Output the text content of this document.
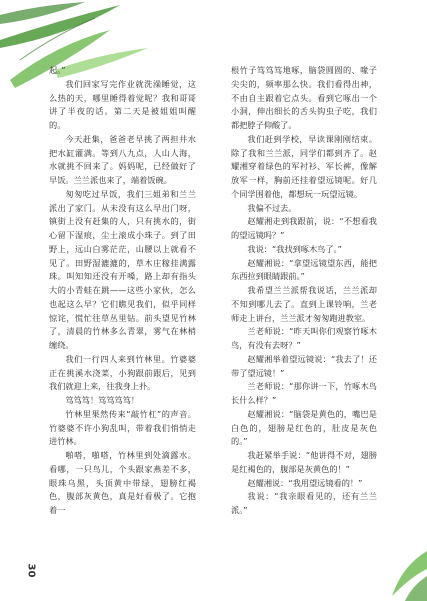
起。”

我们回家写完作业就洗澡睡觉，这么热的天，哪里睡得着觉呢？我和哥哥讲了半夜的话。第二天是被姐姐叫醒的。

今天赶集，爸爸老早挑了两担井水把水缸灌满。等到八九点，人山人海，水就挑不回来了。妈妈呢，已经做好了早饭。兰兰派也来了，端着饭碗。

匆匆吃过早饭，我们三姐弟和兰兰派出了家门。从未没有这么早出门呀，镇街上没有赶集的人，只有挑水的，街心留下湿痕，尘土滚成小珠子。到了田野上，远山白雾茫茫，山腰以上就看不见了。田野湿漉漉的，草木庄稼挂满露珠。叫知知还没有开嗓，路上却有指头大的小青蛙在跳——这些小家伙，怎么也起这么早？它们瞧见我们，似乎同样惊诧，慌忙往草丛里钻。前头望见竹林了，清晨的竹林多么青翠，雾气在林梢缠绕。

我们一行四人来到竹林里。竹婆婆正在挑溪水浇菜，小狗跟前跟后，见到我们就迎上来，往我身上扑。

笃笃笃！笃笃笃笃！

竹林里果然传来“敲竹杠”的声音。竹婆婆不许小狗乱叫，带着我们悄悄走进竹林。

啪嗒，啪嗒，竹林里到处滴露水。看哪，一只鸟儿，个头跟家燕差不多，眼珠乌黑，头顶黄中带绿，翅膀红褐色，腹部灰黄色，真是好看极了。它抱着一

根竹子笃笃笃地啄，脑袋圆圆的、喙子尖尖的，频率那么快。我们看得出神，不由自主跟着它点头。看到它啄出一个小洞，伸出细长的舌头钩虫子吃，我们都把脖子仰酸了。

我们赶到学校，早读课刚刚结束。除了我和兰兰派，同学们都到齐了。赵耀湘穿着绿色的军衬衫、军长裤，像解放军一样，胸前还挂着望远镜呢。好几个同学围着他，都想玩一玩望远镜。

我偏不过去。

赵耀湘走到我跟前，说：“不想看我的望远镜吗？”

我说：“我找到啄木鸟了。”

赵耀湘说：“拿望远镜望东西，能把东西拉到眼睛跟前。”

我希望兰兰派帮我说话，兰兰派却不知到哪儿去了。直到上课铃响，兰老师走上讲台，兰兰派才匆匆跑进教室。

兰老师说：“昨天叫你们观察竹啄木鸟，有没有去呀？”

赵耀湘举着望远镜说：“我去了！还带了望远镜！”

兰老师说：“那你讲一下，竹啄木鸟长什么样？”

赵耀湘说：“脑袋是黄色的，嘴巴是白色的，翅膀是红色的，肚皮是灰色的。”

我赶紧举手说：“他讲得不对，翅膀是红褐色的，腹部是灰黄色的！”

赵耀湘说：“我用望远镜看的！”

我说：“我亲眼看见的，还有兰兰派。”

30
